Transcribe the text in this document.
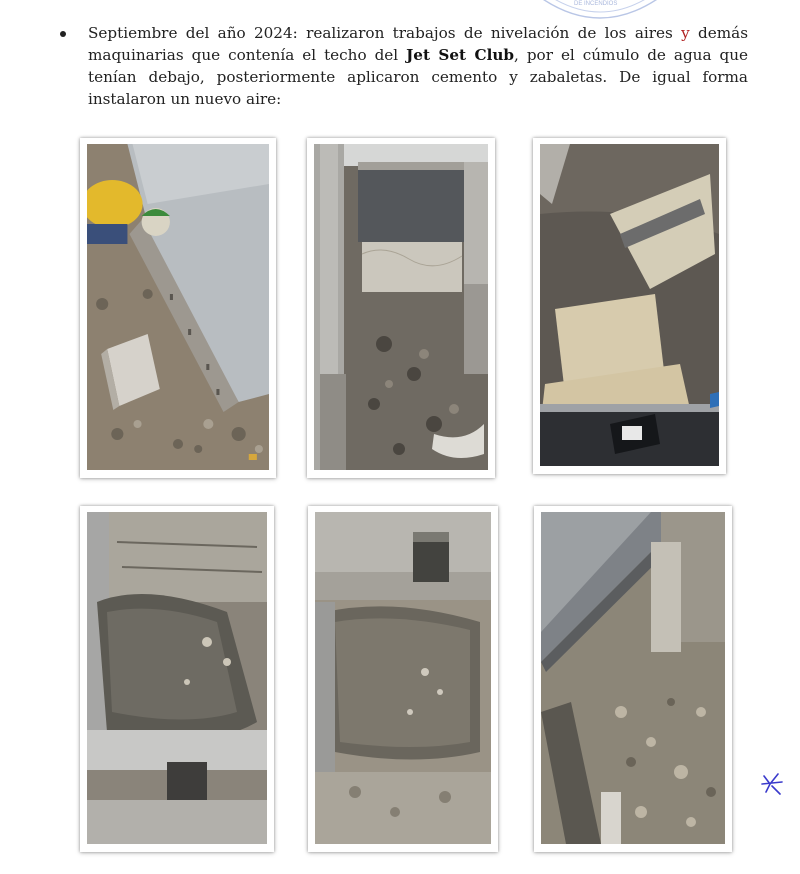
DE INCENDIOS

Septiembre del año 2024: realizaron trabajos de nivelación de los aires y demás maquinarias que contenía el techo del Jet Set Club, por el cúmulo de agua que tenían debajo, posteriormente aplicaron cemento y zabaletas. De igual forma instalaron un nuevo aire:
